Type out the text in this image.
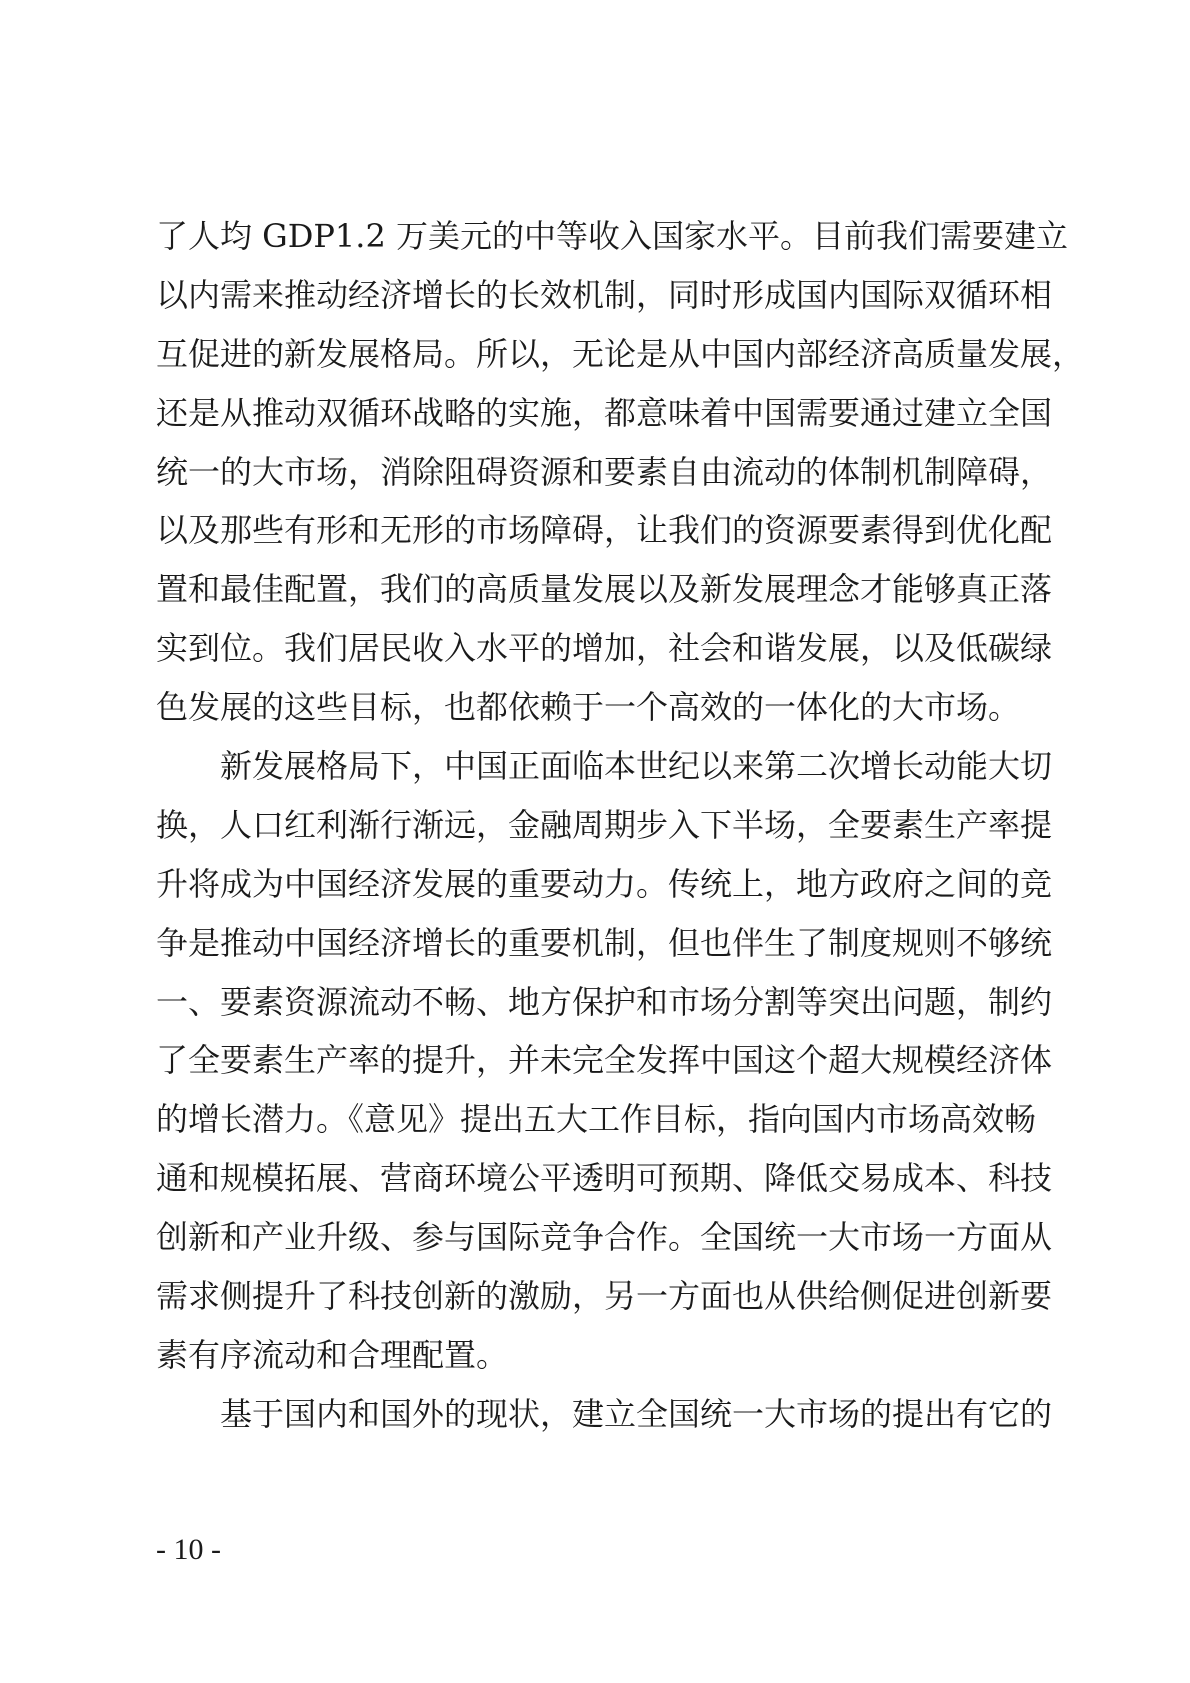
了人均 GDP1.2 万美元的中等收入国家水平。目前我们需要建立
以内需来推动经济增长的长效机制，同时形成国内国际双循环相
互促进的新发展格局。所以，无论是从中国内部经济高质量发展，
还是从推动双循环战略的实施，都意味着中国需要通过建立全国
统一的大市场，消除阻碍资源和要素自由流动的体制机制障碍，
以及那些有形和无形的市场障碍，让我们的资源要素得到优化配
置和最佳配置，我们的高质量发展以及新发展理念才能够真正落
实到位。我们居民收入水平的增加，社会和谐发展，以及低碳绿
色发展的这些目标，也都依赖于一个高效的一体化的大市场。
　　新发展格局下，中国正面临本世纪以来第二次增长动能大切
换，人口红利渐行渐远，金融周期步入下半场，全要素生产率提
升将成为中国经济发展的重要动力。传统上，地方政府之间的竞
争是推动中国经济增长的重要机制，但也伴生了制度规则不够统
一、要素资源流动不畅、地方保护和市场分割等突出问题，制约
了全要素生产率的提升，并未完全发挥中国这个超大规模经济体
的增长潜力。《意见》提出五大工作目标，指向国内市场高效畅
通和规模拓展、营商环境公平透明可预期、降低交易成本、科技
创新和产业升级、参与国际竞争合作。全国统一大市场一方面从
需求侧提升了科技创新的激励，另一方面也从供给侧促进创新要
素有序流动和合理配置。
　　基于国内和国外的现状，建立全国统一大市场的提出有它的
- 10 -
